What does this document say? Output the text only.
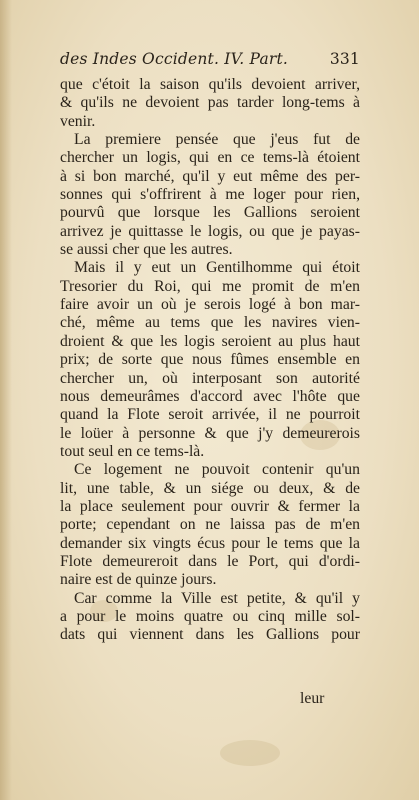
des Indes Occident. IV. Part.	331
que c'étoit la saison qu'ils devoient arriver,
& qu'ils ne devoient pas tarder long-tems à
venir.
La premiere pensée que j'eus fut de
chercher un logis, qui en ce tems-là étoient
à si bon marché, qu'il y eut même des per-
sonnes qui s'offrirent à me loger pour rien,
pourvû que lorsque les Gallions seroient
arrivez je quittasse le logis, ou que je payas-
se aussi cher que les autres.
Mais il y eut un Gentilhomme qui étoit
Tresorier du Roi, qui me promit de m'en
faire avoir un où je serois logé à bon mar-
ché, même au tems que les navires vien-
droient & que les logis seroient au plus haut
prix; de sorte que nous fûmes ensemble en
chercher un, où interposant son autorité
nous demeurâmes d'accord avec l'hôte que
quand la Flote seroit arrivée, il ne pourroit
le loüer à personne & que j'y demeurerois
tout seul en ce tems-là.
Ce logement ne pouvoit contenir qu'un
lit, une table, & un siége ou deux, & de
la place seulement pour ouvrir & fermer la
porte; cependant on ne laissa pas de m'en
demander six vingts écus pour le tems que la
Flote demeureroit dans le Port, qui d'ordi-
naire est de quinze jours.
Car comme la Ville est petite, & qu'il y
a pour le moins quatre ou cinq mille sol-
dats qui viennent dans les Gallions pour
leur
